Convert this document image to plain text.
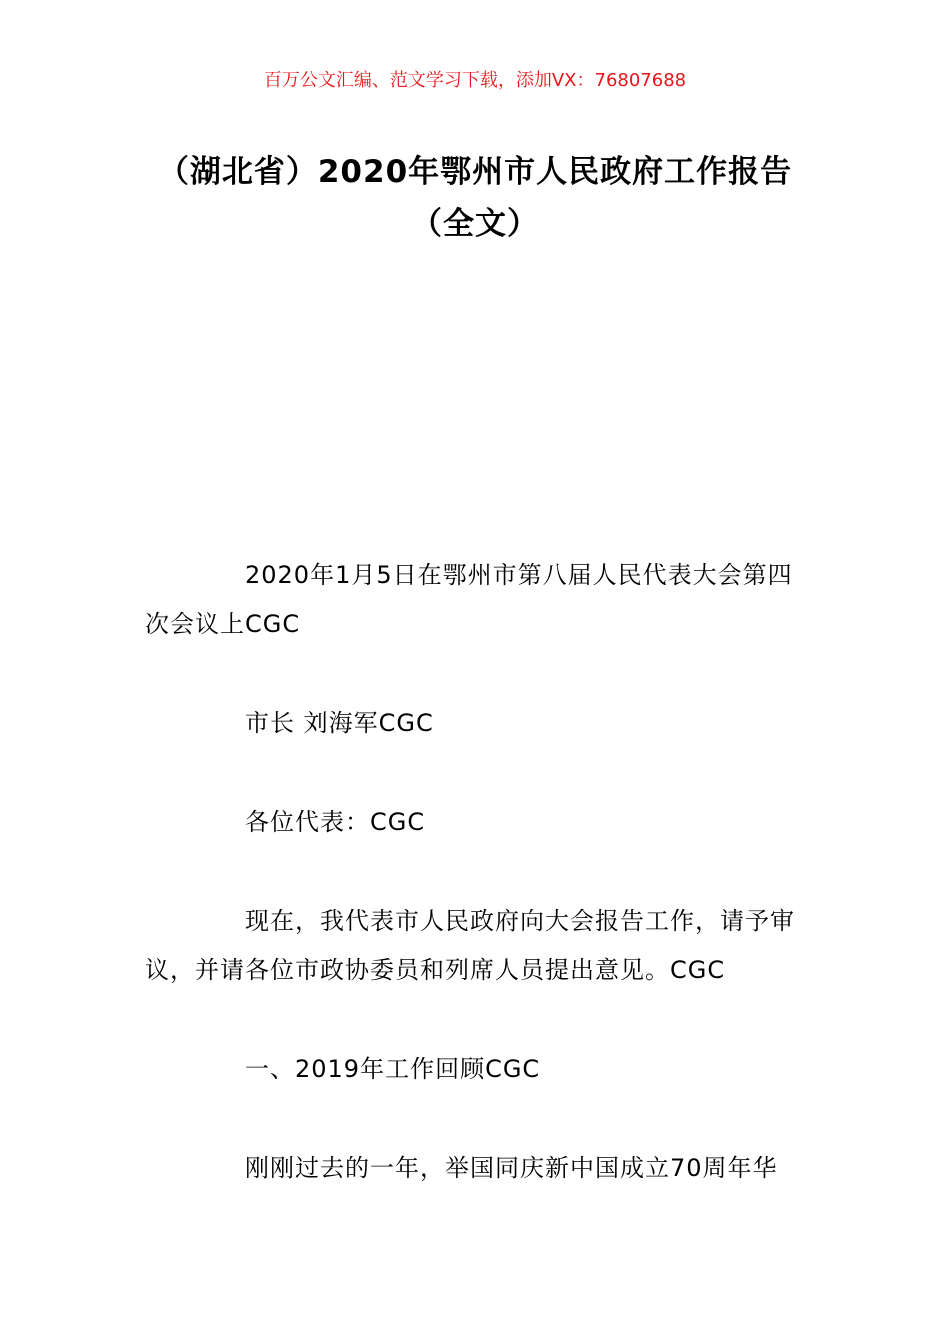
百万公文汇编、范文学习下载，添加VX：76807688
（湖北省）2020年鄂州市人民政府工作报告（全文）

2020年1月5日在鄂州市第八届人民代表大会第四次会议上CGC

市长 刘海军CGC

各位代表：CGC

现在，我代表市人民政府向大会报告工作，请予审议，并请各位市政协委员和列席人员提出意见。CGC

一、2019年工作回顾CGC

刚刚过去的一年，举国同庆新中国成立70周年华
